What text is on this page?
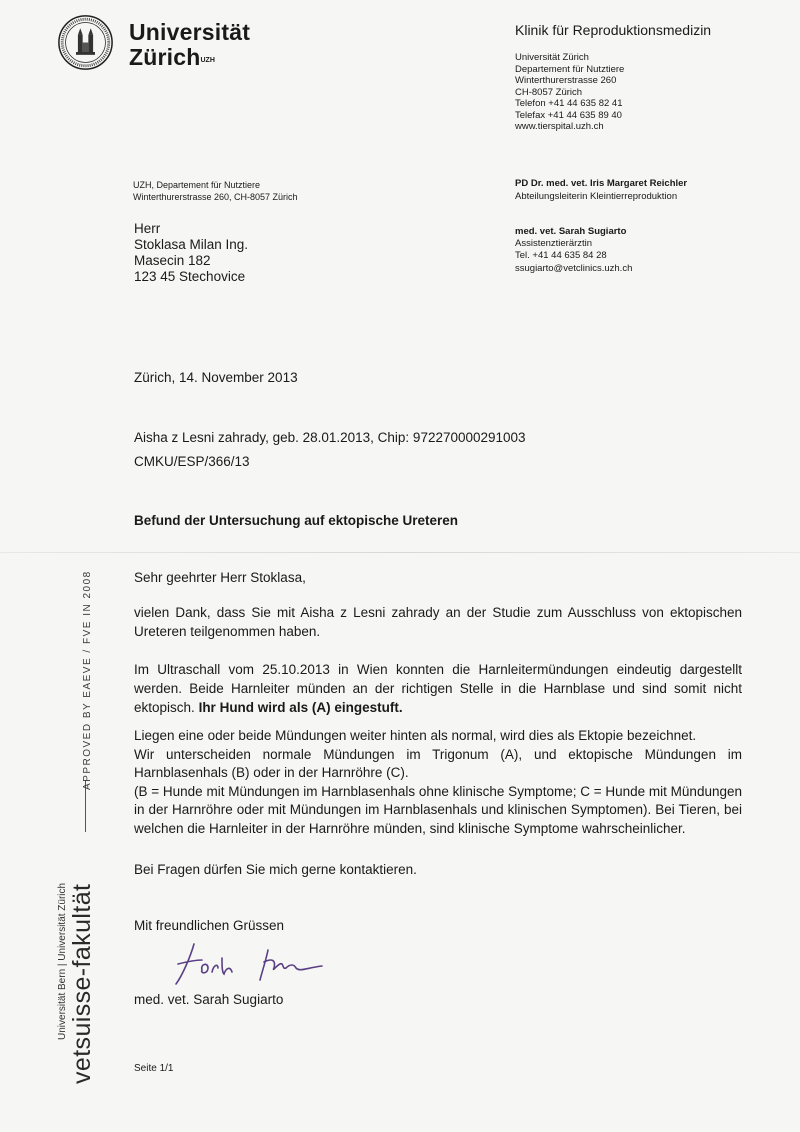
Universität
Zürich$^{UZH}$
Klinik für Reproduktionsmedizin
Universität Zürich
Departement für Nutztiere
Winterthurerstrasse 260
CH-8057 Zürich
Telefon +41 44 635 82 41
Telefax +41 44 635 89 40
www.tierspital.uzh.ch
UZH, Departement für Nutztiere
Winterthurerstrasse 260, CH-8057 Zürich
PD Dr. med. vet. Iris Margaret Reichler
Abteilungsleiterin Kleintierreproduktion
med. vet. Sarah Sugiarto
Assistenztierärztin
Tel. +41 44 635 84 28
ssugiarto@vetclinics.uzh.ch
Herr
Stoklasa Milan Ing.
Masecin 182
123 45 Stechovice
Zürich, 14. November 2013
Aisha z Lesni zahrady, geb. 28.01.2013, Chip: 972270000291003
CMKU/ESP/366/13
Befund der Untersuchung auf ektopische Ureteren
Sehr geehrter Herr Stoklasa,
vielen Dank, dass Sie mit Aisha z Lesni zahrady an der Studie zum Ausschluss von ektopischen Ureteren teilgenommen haben.
Im Ultraschall vom 25.10.2013 in Wien konnten die Harnleitermündungen eindeutig dargestellt werden. Beide Harnleiter münden an der richtigen Stelle in die Harnblase und sind somit nicht ektopisch. Ihr Hund wird als (A) eingestuft.
Liegen eine oder beide Mündungen weiter hinten als normal, wird dies als Ektopie bezeichnet.
Wir unterscheiden normale Mündungen im Trigonum (A), und ektopische Mündungen im Harnblasenhals (B) oder in der Harnröhre (C).
(B = Hunde mit Mündungen im Harnblasenhals ohne klinische Symptome; C = Hunde mit Mündungen in der Harnröhre oder mit Mündungen im Harnblasenhals und klinischen Symptomen). Bei Tieren, bei welchen die Harnleiter in der Harnröhre münden, sind klinische Symptome wahrscheinlicher.
Bei Fragen dürfen Sie mich gerne kontaktieren.
Mit freundlichen Grüssen
med. vet. Sarah Sugiarto
Seite 1/1
APPROVED BY EAEVE / FVE IN 2008
Universität Bern | Universität Zürich vetsuisse-fakultät
